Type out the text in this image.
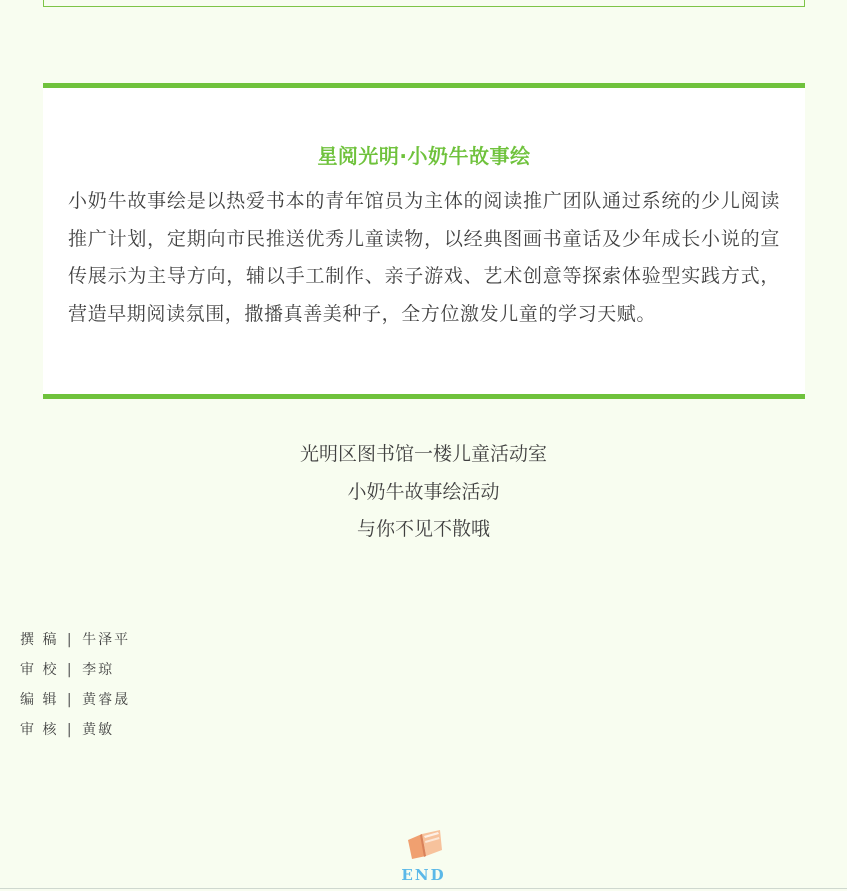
星阅光明·小奶牛故事绘

小奶牛故事绘是以热爱书本的青年馆员为主体的阅读推广团队通过系统的少儿阅读推广计划，定期向市民推送优秀儿童读物，以经典图画书童话及少年成长小说的宣传展示为主导方向，辅以手工制作、亲子游戏、艺术创意等探索体验型实践方式，营造早期阅读氛围，撒播真善美种子，全方位激发儿童的学习天赋。

光明区图书馆一楼儿童活动室
小奶牛故事绘活动
与你不见不散哦
撰 稿 | 牛泽平
审 校 | 李琼
编 辑 | 黄睿晟
审 核 | 黄敏
END
